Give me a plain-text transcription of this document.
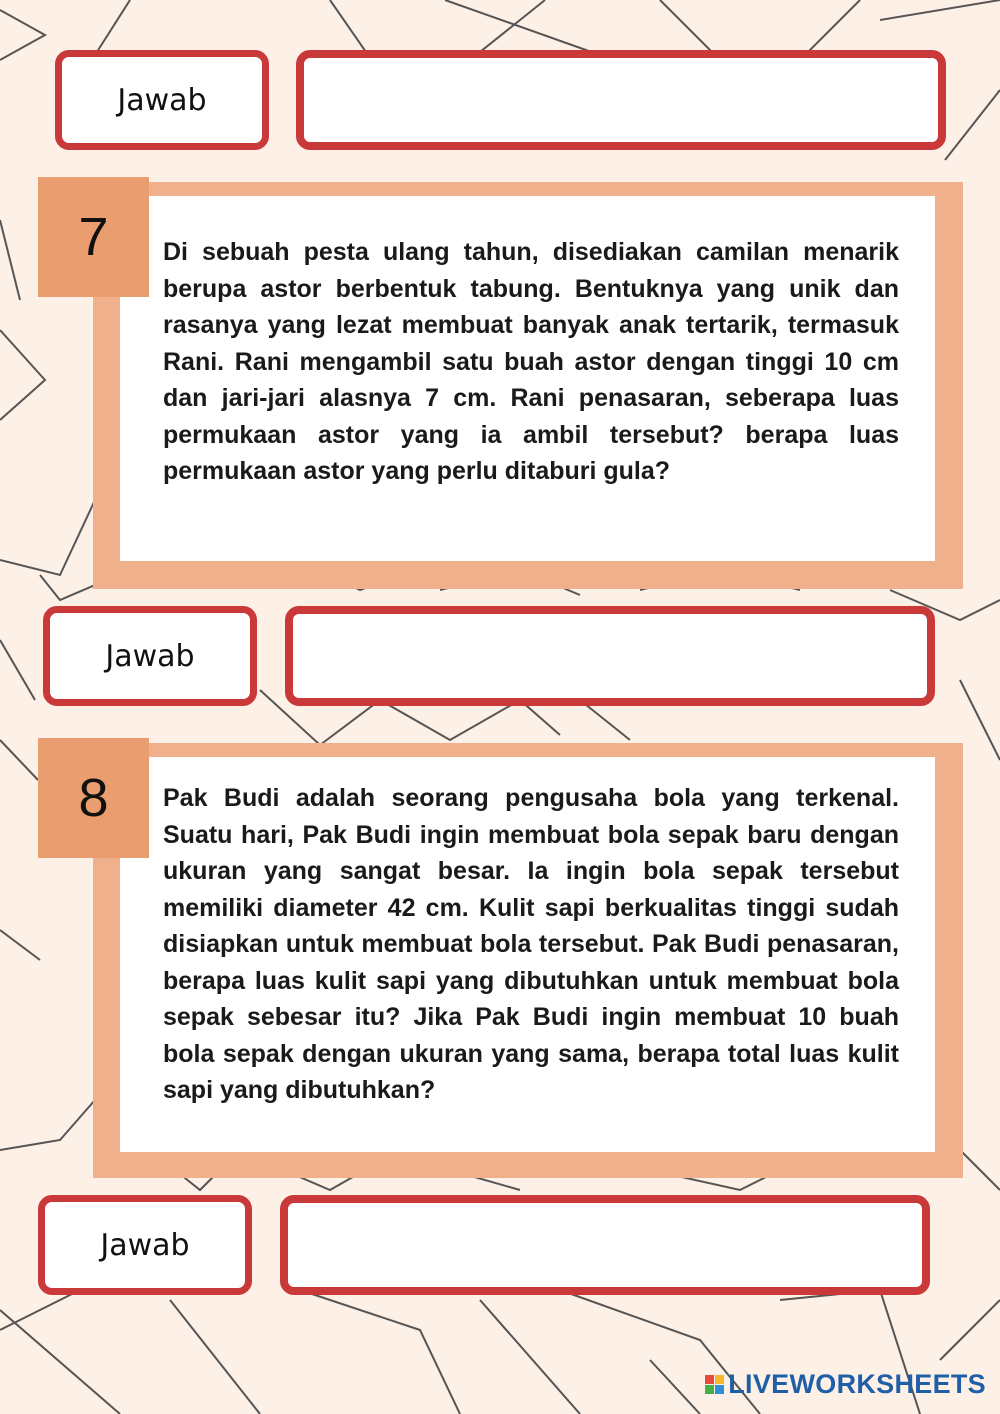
Jawab

Di sebuah pesta ulang tahun, disediakan camilan menarik berupa astor berbentuk tabung. Bentuknya yang unik dan rasanya yang lezat membuat banyak anak tertarik, termasuk Rani. Rani mengambil satu buah astor dengan tinggi 10 cm dan jari-jari alasnya 7 cm. Rani penasaran, seberapa luas permukaan astor yang ia ambil tersebut? berapa luas permukaan astor yang perlu ditaburi gula?

7
Jawab

Pak Budi adalah seorang pengusaha bola yang terkenal. Suatu hari, Pak Budi ingin membuat bola sepak baru dengan ukuran yang sangat besar. Ia ingin bola sepak tersebut memiliki diameter 42 cm. Kulit sapi berkualitas tinggi sudah disiapkan untuk membuat bola tersebut. Pak Budi penasaran, berapa luas kulit sapi yang dibutuhkan untuk membuat bola sepak sebesar itu? Jika Pak Budi ingin membuat 10 buah bola sepak dengan ukuran yang sama, berapa total luas kulit sapi yang dibutuhkan?

8
Jawab
LIVEWORKSHEETS
